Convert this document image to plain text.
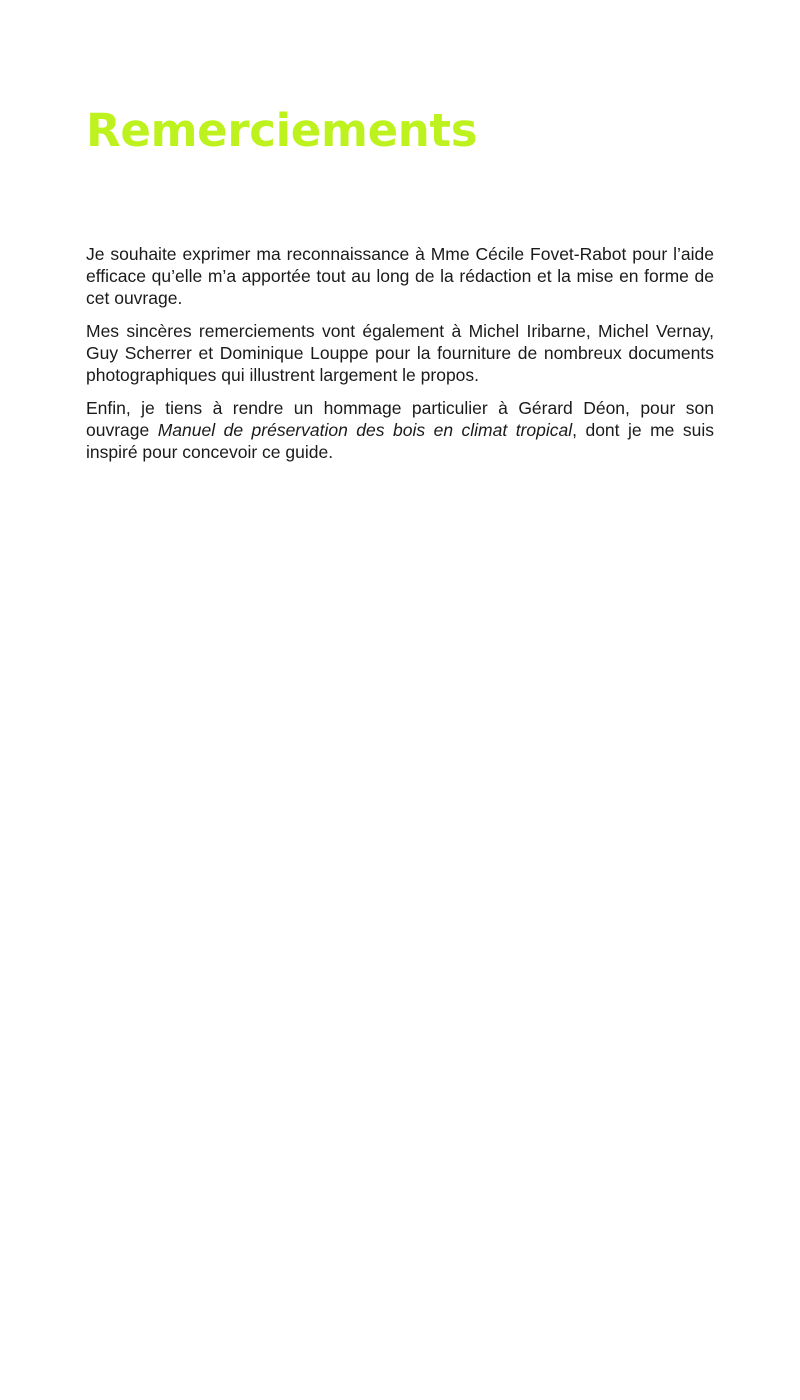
Remerciements

Je souhaite exprimer ma reconnaissance à Mme Cécile Fovet-Rabot pour l’aide efficace qu’elle m’a apportée tout au long de la rédaction et la mise en forme de cet ouvrage.

Mes sincères remerciements vont également à Michel Iribarne, Michel Vernay, Guy Scherrer et Dominique Louppe pour la fourniture de nombreux documents photographiques qui illustrent largement le propos.

Enfin, je tiens à rendre un hommage particulier à Gérard Déon, pour son ouvrage Manuel de préservation des bois en climat tropical, dont je me suis inspiré pour concevoir ce guide.
